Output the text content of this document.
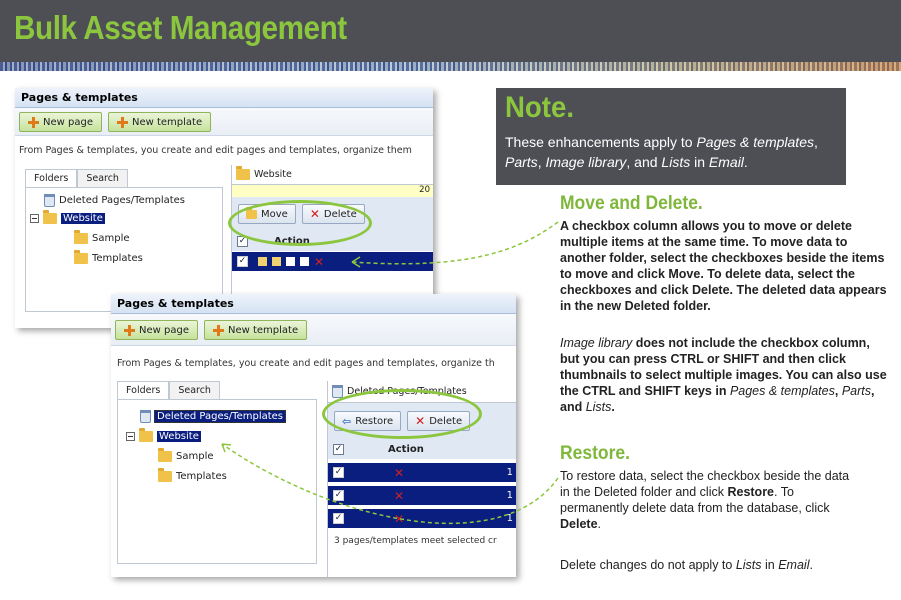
Bulk Asset Management
Note.
These enhancements apply to Pages & templates,
Parts, Image library, and Lists in Email.
Move and Delete.
A checkbox column allows you to move or delete multiple items at the same time. To move data to another folder, select the checkboxes beside the items to move and click Move. To delete data, select the checkboxes and click Delete. The deleted data appears in the new Deleted folder.
Image library does not include the checkbox column, but you can press CTRL or SHIFT and then click thumbnails to select multiple images. You can also use the CTRL and SHIFT keys in Pages & templates, Parts, and Lists.
Restore.
To restore data, select the checkbox beside the data in the Deleted folder and click Restore. To permanently delete data from the database, click Delete.
Delete changes do not apply to Lists in Email.
Pages & templates
New page	New template
From Pages & templates, you create and edit pages and templates, organize them
Folders	Search
Deleted Pages/Templates
Website
Sample
Templates
Website
20
Move ✕ Delete
✓	Action
✓	✕
Pages & templates
New page	New template
From Pages & templates, you create and edit pages and templates, organize th
Folders	Search
Deleted Pages/Templates
Website
Sample
Templates
Deleted Pages/Templates
⇦ Restore ✕ Delete
✓	Action
✓	✕	1
✓	✕	1
✓	✕	1
3 pages/templates meet selected cr
